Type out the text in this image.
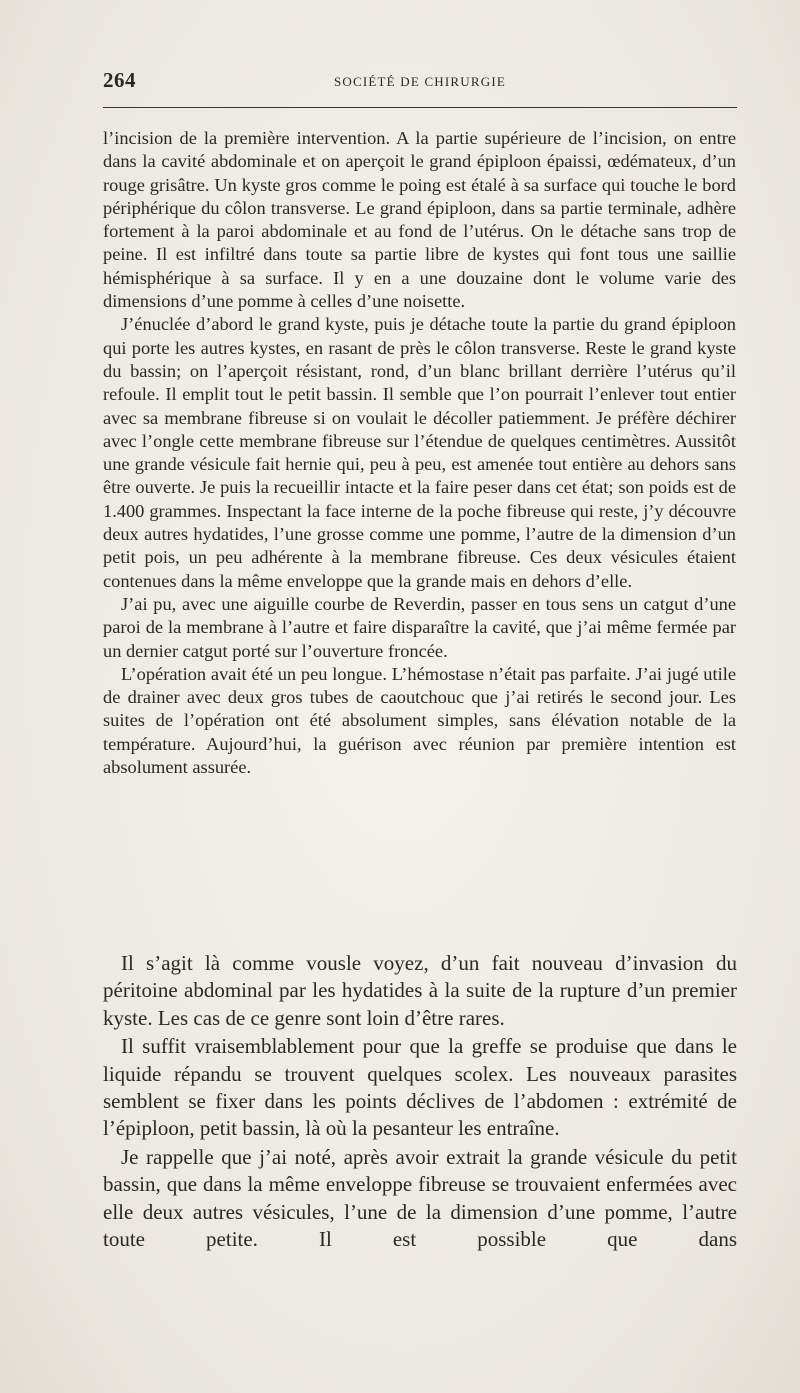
264	SOCIÉTÉ DE CHIRURGIE

l’incision de la première intervention. A la partie supérieure de l’incision, on entre dans la cavité abdominale et on aperçoit le grand épiploon épaissi, œdémateux, d’un rouge grisâtre. Un kyste gros comme le poing est étalé à sa surface qui touche le bord périphérique du côlon transverse. Le grand épiploon, dans sa partie terminale, adhère fortement à la paroi abdominale et au fond de l’utérus. On le détache sans trop de peine. Il est infiltré dans toute sa partie libre de kystes qui font tous une saillie hémisphérique à sa surface. Il y en a une douzaine dont le volume varie des dimensions d’une pomme à celles d’une noisette.

J’énuclée d’abord le grand kyste, puis je détache toute la partie du grand épiploon qui porte les autres kystes, en rasant de près le côlon transverse. Reste le grand kyste du bassin; on l’aperçoit résistant, rond, d’un blanc brillant derrière l’utérus qu’il refoule. Il emplit tout le petit bassin. Il semble que l’on pourrait l’enlever tout entier avec sa membrane fibreuse si on voulait le décoller patiemment. Je préfère déchirer avec l’ongle cette membrane fibreuse sur l’étendue de quelques centimètres. Aussitôt une grande vésicule fait hernie qui, peu à peu, est amenée tout entière au dehors sans être ouverte. Je puis la recueillir intacte et la faire peser dans cet état; son poids est de 1.400 grammes. Inspectant la face interne de la poche fibreuse qui reste, j’y découvre deux autres hydatides, l’une grosse comme une pomme, l’autre de la dimension d’un petit pois, un peu adhérente à la membrane fibreuse. Ces deux vésicules étaient contenues dans la même enveloppe que la grande mais en dehors d’elle.

J’ai pu, avec une aiguille courbe de Reverdin, passer en tous sens un catgut d’une paroi de la membrane à l’autre et faire disparaître la cavité, que j’ai même fermée par un dernier catgut porté sur l’ouverture froncée.

L’opération avait été un peu longue. L’hémostase n’était pas parfaite. J’ai jugé utile de drainer avec deux gros tubes de caoutchouc que j’ai retirés le second jour. Les suites de l’opération ont été absolument simples, sans élévation notable de la température. Aujourd’hui, la guérison avec réunion par première intention est absolument assurée.

Il s’agit là comme vousle voyez, d’un fait nouveau d’invasion du péritoine abdominal par les hydatides à la suite de la rupture d’un premier kyste. Les cas de ce genre sont loin d’être rares.

Il suffit vraisemblablement pour que la greffe se produise que dans le liquide répandu se trouvent quelques scolex. Les nouveaux parasites semblent se fixer dans les points déclives de l’abdomen : extrémité de l’épiploon, petit bassin, là où la pesanteur les entraîne.

Je rappelle que j’ai noté, après avoir extrait la grande vésicule du petit bassin, que dans la même enveloppe fibreuse se trouvaient enfermées avec elle deux autres vésicules, l’une de la dimension d’une pomme, l’autre toute petite. Il est possible que dans
